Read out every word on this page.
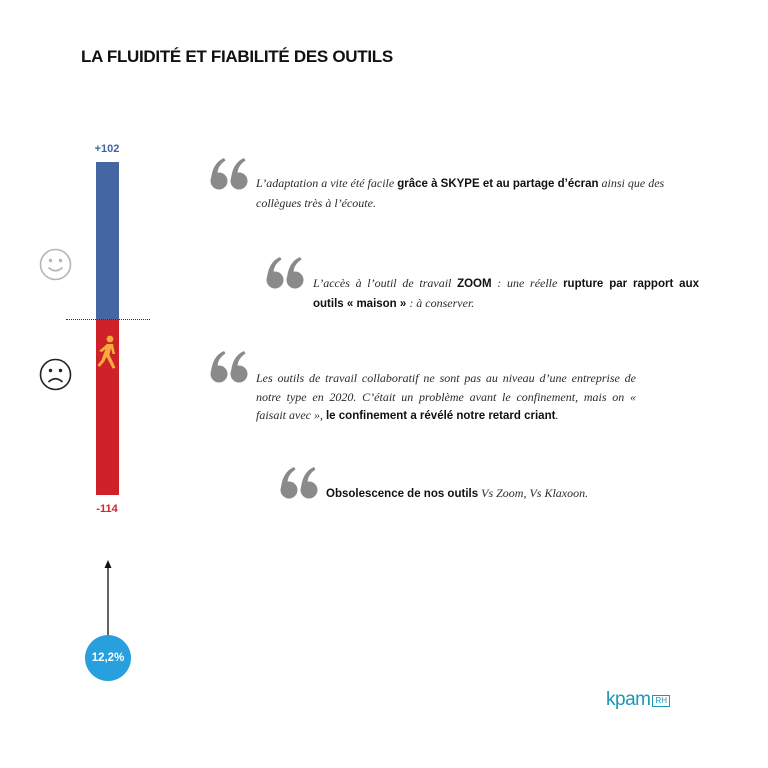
LA FLUIDITÉ ET FIABILITÉ DES OUTILS
+102
-114
12,2%
L’adaptation a vite été facile grâce à SKYPE et au partage d’écran ainsi que des collègues très à l’écoute.
L’accès à l’outil de travail ZOOM : une réelle rupture par rapport aux outils « maison » : à conserver.
Les outils de travail collaboratif ne sont pas au niveau d’une entreprise de notre type en 2020. C’était un problème avant le confinement, mais on « faisait avec », le confinement a révélé notre retard criant.
Obsolescence de nos outils Vs Zoom, Vs Klaxoon.
kpam RH
